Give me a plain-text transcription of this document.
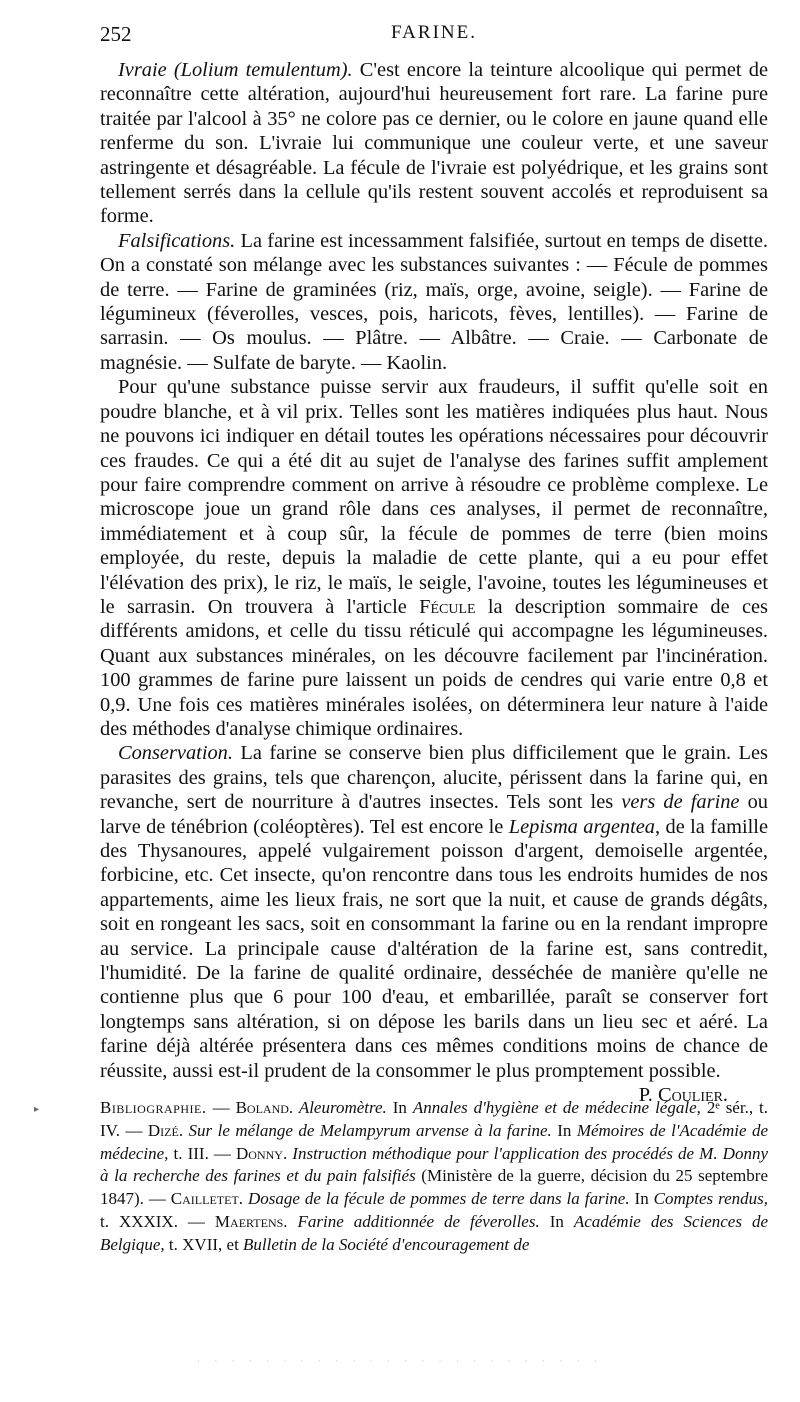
252	FARINE.

Ivraie (Lolium temulentum). C'est encore la teinture alcoolique qui permet de reconnaître cette altération, aujourd'hui heureusement fort rare. La farine pure traitée par l'alcool à 35° ne colore pas ce dernier, ou le colore en jaune quand elle renferme du son. L'ivraie lui communique une couleur verte, et une saveur astringente et désagréable. La fécule de l'ivraie est polyédrique, et les grains sont tellement serrés dans la cellule qu'ils restent souvent accolés et reproduisent sa forme.

Falsifications. La farine est incessamment falsifiée, surtout en temps de disette. On a constaté son mélange avec les substances suivantes : — Fécule de pommes de terre. — Farine de graminées (riz, maïs, orge, avoine, seigle). — Farine de légumineux (féverolles, vesces, pois, haricots, fèves, lentilles). — Farine de sarrasin. — Os moulus. — Plâtre. — Albâtre. — Craie. — Carbonate de magnésie. — Sulfate de baryte. — Kaolin.

Pour qu'une substance puisse servir aux fraudeurs, il suffit qu'elle soit en poudre blanche, et à vil prix. Telles sont les matières indiquées plus haut. Nous ne pouvons ici indiquer en détail toutes les opérations nécessaires pour découvrir ces fraudes. Ce qui a été dit au sujet de l'analyse des farines suffit amplement pour faire comprendre comment on arrive à résoudre ce problème complexe. Le microscope joue un grand rôle dans ces analyses, il permet de reconnaître, immédiatement et à coup sûr, la fécule de pommes de terre (bien moins employée, du reste, depuis la maladie de cette plante, qui a eu pour effet l'élévation des prix), le riz, le maïs, le seigle, l'avoine, toutes les légumineuses et le sarrasin. On trouvera à l'article Fécule la description sommaire de ces différents amidons, et celle du tissu réticulé qui accompagne les légumineuses. Quant aux substances minérales, on les découvre facilement par l'incinération. 100 grammes de farine pure laissent un poids de cendres qui varie entre 0,8 et 0,9. Une fois ces matières minérales isolées, on déterminera leur nature à l'aide des méthodes d'analyse chimique ordinaires.

Conservation. La farine se conserve bien plus difficilement que le grain. Les parasites des grains, tels que charençon, alucite, périssent dans la farine qui, en revanche, sert de nourriture à d'autres insectes. Tels sont les vers de farine ou larve de ténébrion (coléoptères). Tel est encore le Lepisma argentea, de la famille des Thysanoures, appelé vulgairement poisson d'argent, demoiselle argentée, forbicine, etc. Cet insecte, qu'on rencontre dans tous les endroits humides de nos appartements, aime les lieux frais, ne sort que la nuit, et cause de grands dégâts, soit en rongeant les sacs, soit en consommant la farine ou en la rendant impropre au service. La principale cause d'altération de la farine est, sans contredit, l'humidité. De la farine de qualité ordinaire, desséchée de manière qu'elle ne contienne plus que 6 pour 100 d'eau, et embarillée, paraît se conserver fort longtemps sans altération, si on dépose les barils dans un lieu sec et aéré. La farine déjà altérée présentera dans ces mêmes conditions moins de chance de réussite, aussi est-il prudent de la consommer le plus promptement possible.
P. Coulier.

▸	Bibliographie. — Boland. Aleuromètre. In Annales d'hygiène et de médecine légale, 2ᵉ sér., t. IV. — Dizé. Sur le mélange de Melampyrum arvense à la farine. In Mémoires de l'Académie de médecine, t. III. — Donny. Instruction méthodique pour l'application des procédés de M. Donny à la recherche des farines et du pain falsifiés (Ministère de la guerre, décision du 25 septembre 1847). — Cailletet. Dosage de la fécule de pommes de terre dans la farine. In Comptes rendus, t. XXXIX. — Maertens. Farine additionnée de féverolles. In Académie des Sciences de Belgique, t. XVII, et Bulletin de la Société d'encouragement de

· · · · · · · · · · · · · · · · · · · · · · · ·
